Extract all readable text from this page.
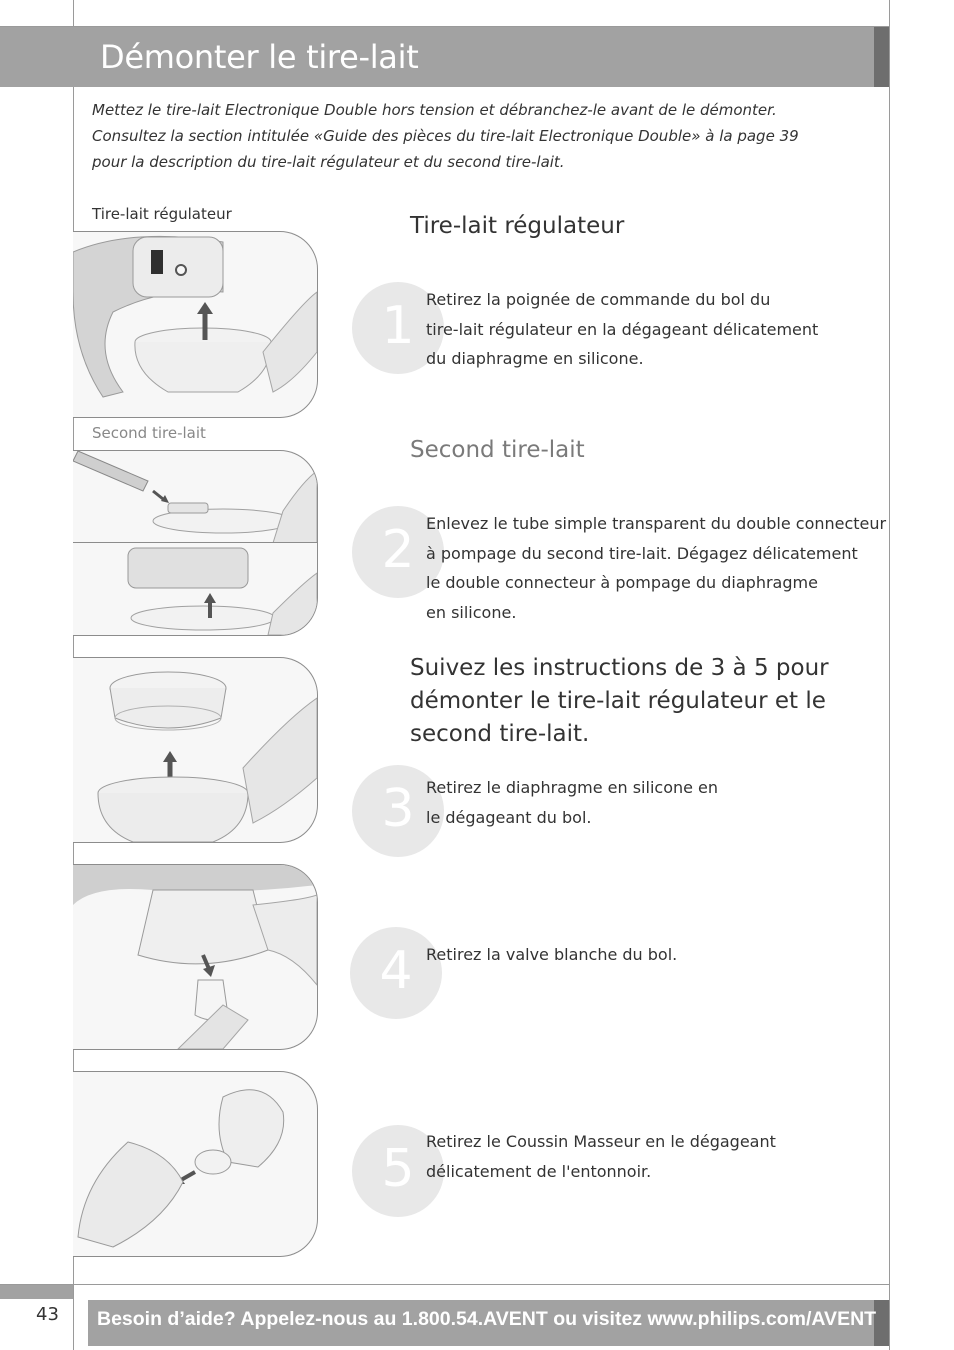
Démonter le tire-lait
Mettez le tire-lait Electronique Double hors tension et débranchez-le avant de le démonter.
Consultez la section intitulée «Guide des pièces du tire-lait Electronique Double» à la page 39
pour la description du tire-lait régulateur et du second tire-lait.
Tire-lait régulateur
Second tire-lait
Tire-lait régulateur
Second tire-lait
Suivez les instructions de 3 à 5 pour
démonter le tire-lait régulateur et le
second tire-lait.
1 Retirez la poignée de commande du bol du
tire-lait régulateur en la dégageant délicatement
du diaphragme en silicone.
2 Enlevez le tube simple transparent du double connecteur
à pompage du second tire-lait. Dégagez délicatement
le double connecteur à pompage du diaphragme
en silicone.
3 Retirez le diaphragme en silicone en
le dégageant du bol.
4 Retirez la valve blanche du bol.
5 Retirez le Coussin Masseur en le dégageant
délicatement de l'entonnoir.
43 Besoin d’aide? Appelez-nous au 1.800.54.AVENT ou visitez www.philips.com/AVENT
